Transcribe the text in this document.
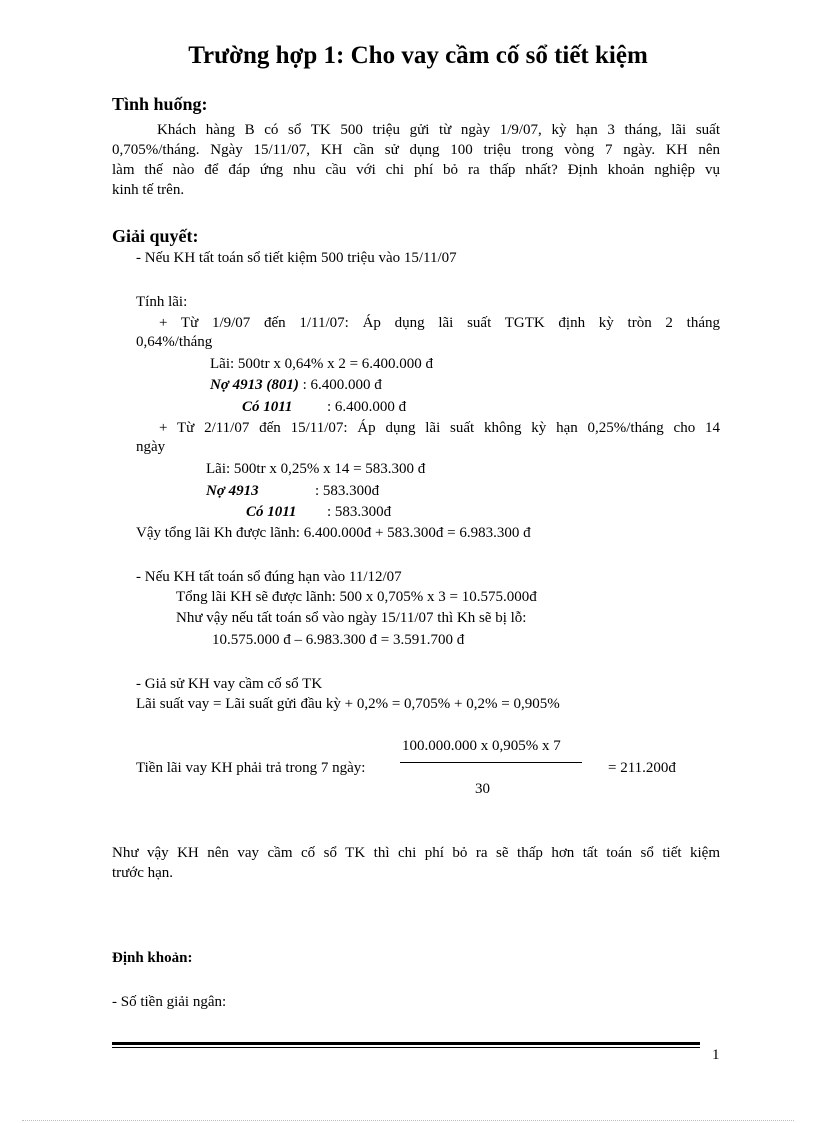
Trường hợp 1: Cho vay cầm cố sổ tiết kiệm
Tình huống:
Khách hàng B có sổ TK 500 triệu gửi từ ngày 1/9/07, kỳ hạn 3 tháng, lãi suất
0,705%/tháng. Ngày 15/11/07, KH cần sử dụng 100 triệu trong vòng 7 ngày. KH nên
làm thế nào để đáp ứng nhu cầu với chi phí bỏ ra thấp nhất? Định khoản nghiệp vụ
kinh tế trên.
Giải quyết:
- Nếu KH tất toán sổ tiết kiệm 500 triệu vào 15/11/07
Tính lãi:
+ Từ 1/9/07 đến 1/11/07: Áp dụng lãi suất TGTK định kỳ tròn 2 tháng
0,64%/tháng
Lãi: 500tr x 0,64% x 2 = 6.400.000 đ
Nợ 4913 (801) : 6.400.000 đ
Có 1011 : 6.400.000 đ
+ Từ 2/11/07 đến 15/11/07: Áp dụng lãi suất không kỳ hạn 0,25%/tháng cho 14
ngày
Lãi: 500tr x 0,25% x 14 = 583.300 đ
Nợ 4913	: 583.300đ
Có 1011 : 583.300đ
Vậy tổng lãi Kh được lãnh: 6.400.000đ + 583.300đ = 6.983.300 đ
- Nếu KH tất toán sổ đúng hạn vào 11/12/07
Tổng lãi KH sẽ được lãnh: 500 x 0,705% x 3 = 10.575.000đ
Như vậy nếu tất toán sổ vào ngày 15/11/07 thì Kh sẽ bị lỗ:
10.575.000 đ – 6.983.300 đ = 3.591.700 đ
- Giả sử KH vay cầm cố sổ TK
Lãi suất vay = Lãi suất gửi đầu kỳ + 0,2% = 0,705% + 0,2% = 0,905%
100.000.000 x 0,905% x 7
Tiền lãi vay KH phải trả trong 7 ngày:
30
= 211.200đ
Như vậy KH nên vay cầm cố sổ TK thì chi phí bỏ ra sẽ thấp hơn tất toán sổ tiết kiệm
trước hạn.
Định khoản:
- Số tiền giải ngân:
1
